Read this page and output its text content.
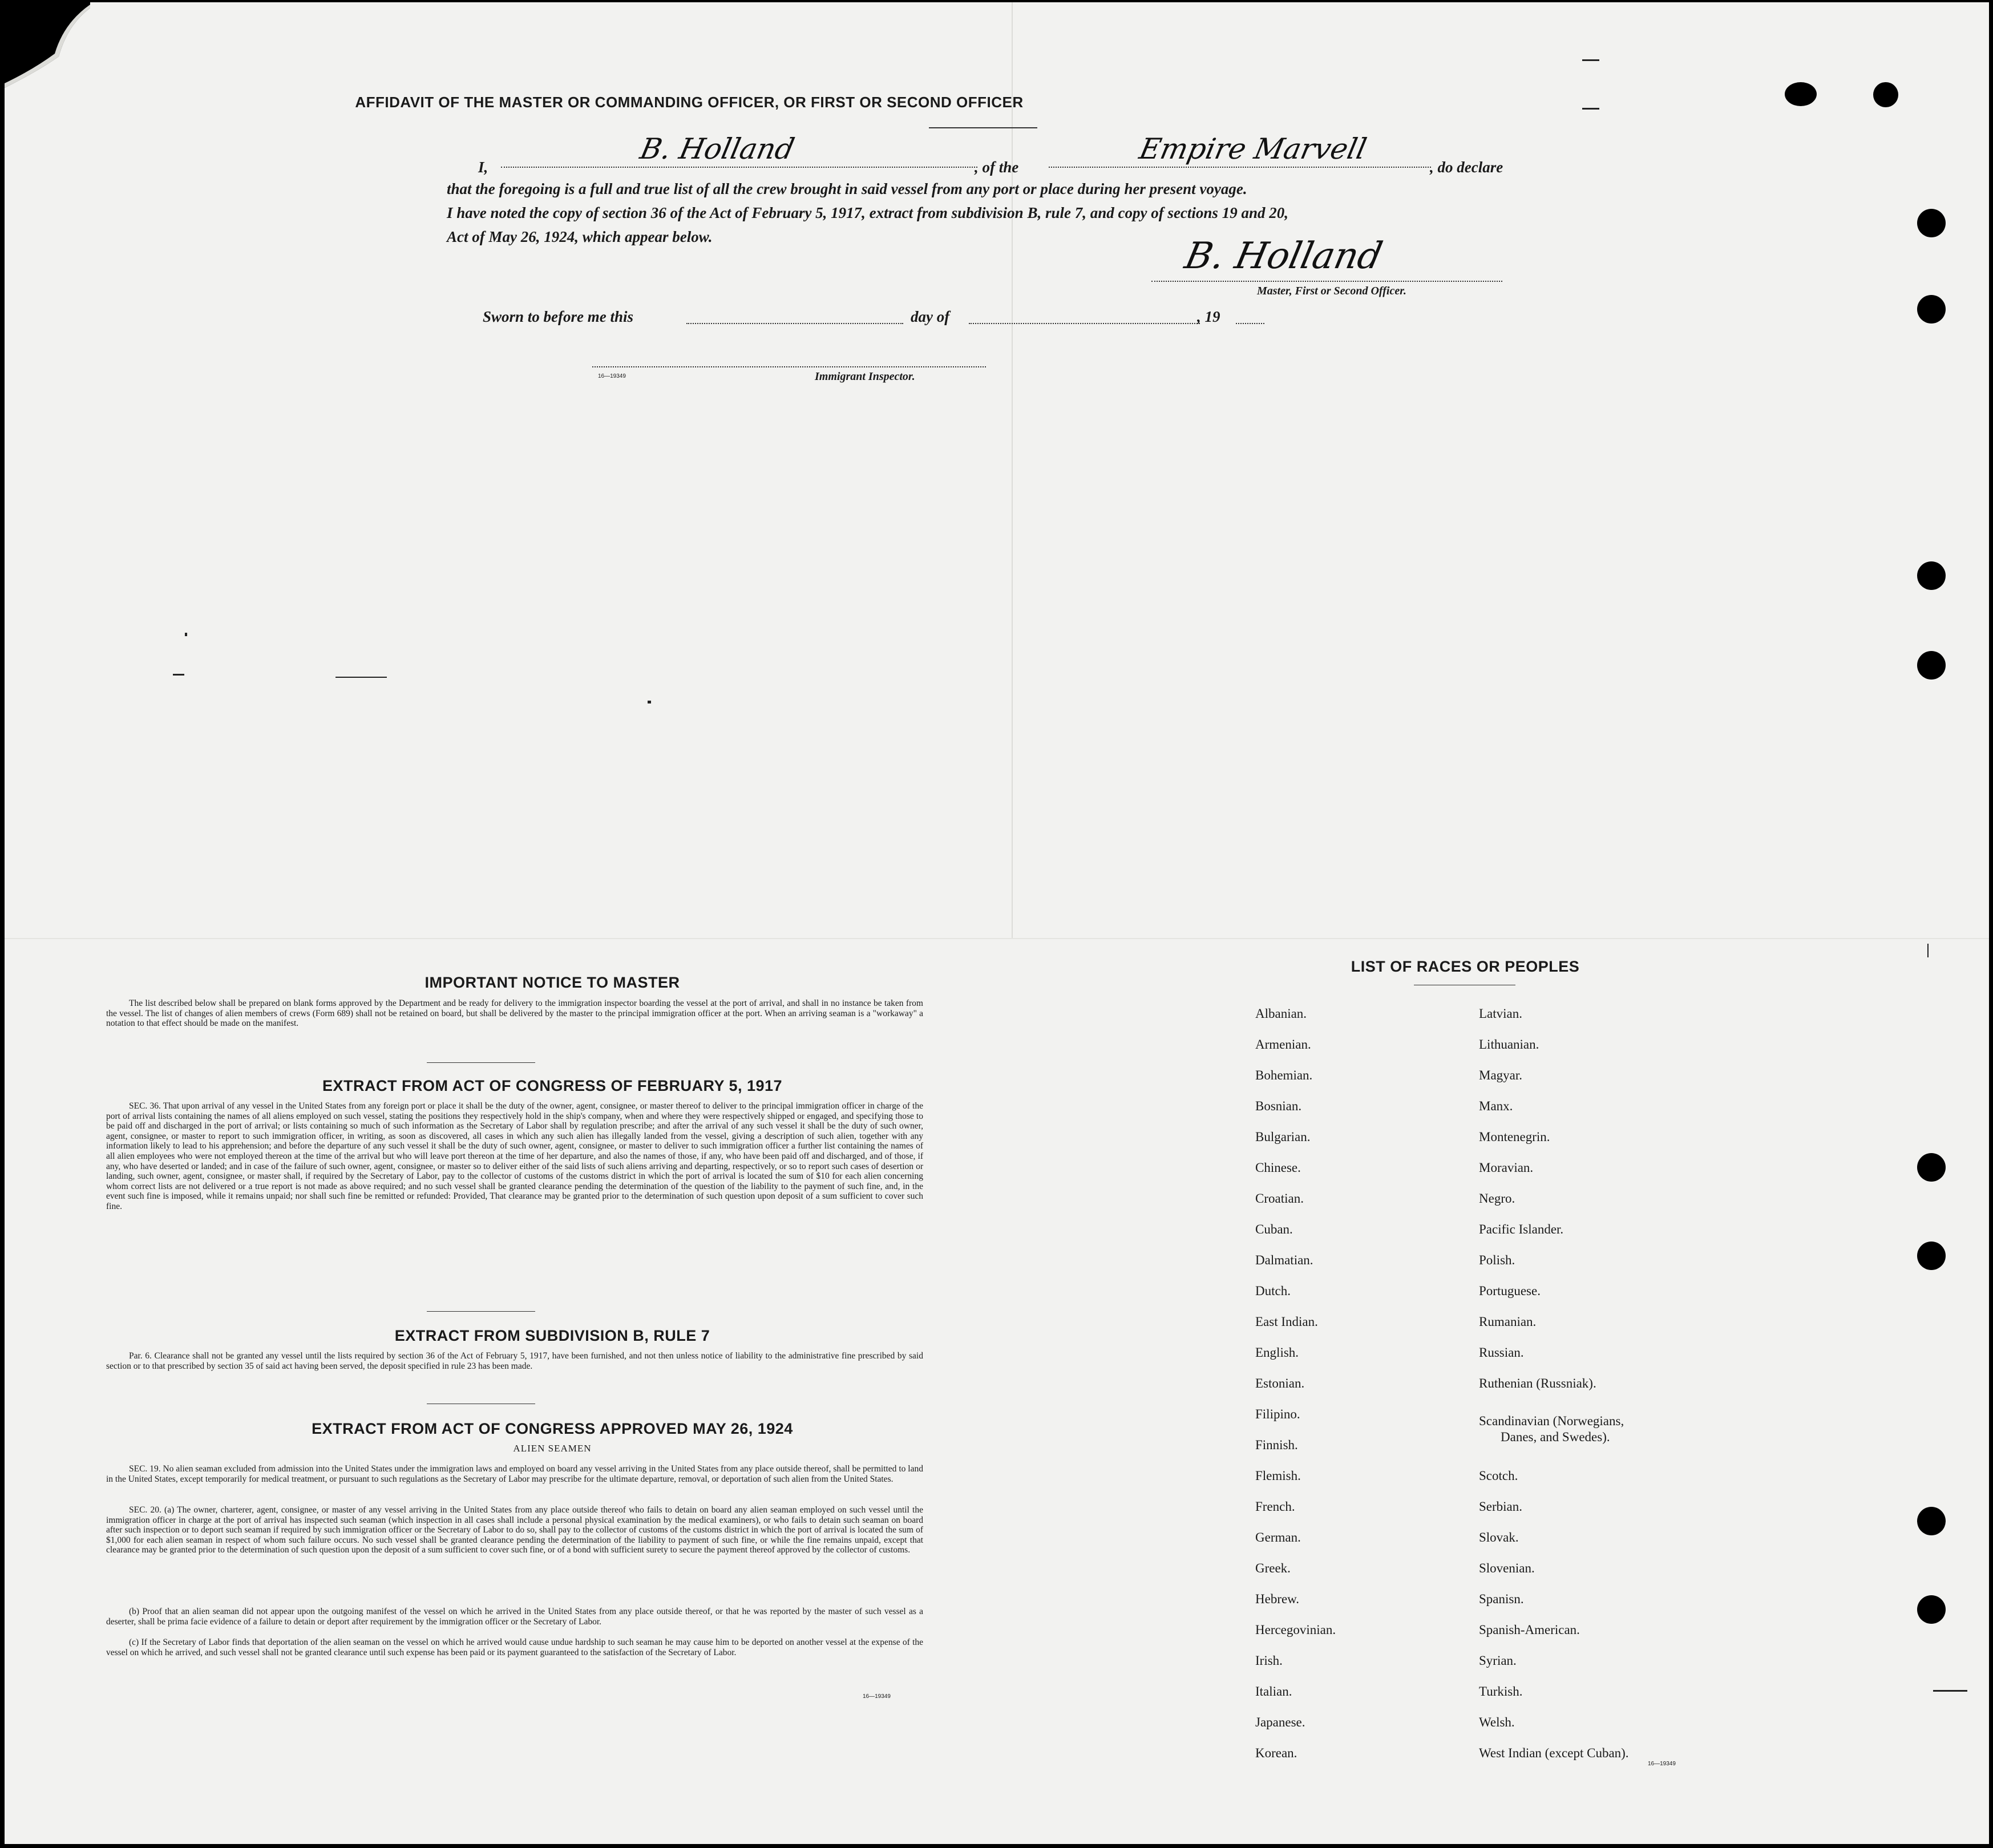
AFFIDAVIT OF THE MASTER OR COMMANDING OFFICER, OR FIRST OR SECOND OFFICER
I,
B. Holland
, of the
Empire Marvell
, do declare
that the foregoing is a full and true list of all the crew brought in said vessel from any port or place during her present voyage.
I have noted the copy of section 36 of the Act of February 5, 1917, extract from subdivision B, rule 7, and copy of sections 19 and 20,
Act of May 26, 1924, which appear below.	B. Holland
Master, First or Second Officer.
Sworn to before me this	day of	, 19
16—19349	Immigrant Inspector.
IMPORTANT NOTICE TO MASTER

The list described below shall be prepared on blank forms approved by the Department and be ready for delivery to the immigration inspector boarding the vessel at the port of arrival, and shall in no instance be taken from the vessel. The list of changes of alien members of crews (Form 689) shall not be retained on board, but shall be delivered by the master to the principal immigration officer at the port. When an arriving seaman is a "workaway" a notation to that effect should be made on the manifest.

EXTRACT FROM ACT OF CONGRESS OF FEBRUARY 5, 1917

SEC. 36. That upon arrival of any vessel in the United States from any foreign port or place it shall be the duty of the owner, agent, consignee, or master thereof to deliver to the principal immigration officer in charge of the port of arrival lists containing the names of all aliens employed on such vessel, stating the positions they respectively hold in the ship's company, when and where they were respectively shipped or engaged, and specifying those to be paid off and discharged in the port of arrival; or lists containing so much of such information as the Secretary of Labor shall by regulation prescribe; and after the arrival of any such vessel it shall be the duty of such owner, agent, consignee, or master to report to such immigration officer, in writing, as soon as discovered, all cases in which any such alien has illegally landed from the vessel, giving a description of such alien, together with any information likely to lead to his apprehension; and before the departure of any such vessel it shall be the duty of such owner, agent, consignee, or master to deliver to such immigration officer a further list containing the names of all alien employees who were not employed thereon at the time of the arrival but who will leave port thereon at the time of her departure, and also the names of those, if any, who have been paid off and discharged, and of those, if any, who have deserted or landed; and in case of the failure of such owner, agent, consignee, or master so to deliver either of the said lists of such aliens arriving and departing, respectively, or so to report such cases of desertion or landing, such owner, agent, consignee, or master shall, if required by the Secretary of Labor, pay to the collector of customs of the customs district in which the port of arrival is located the sum of $10 for each alien concerning whom correct lists are not delivered or a true report is not made as above required; and no such vessel shall be granted clearance pending the determination of the question of the liability to the payment of such fine, and, in the event such fine is imposed, while it remains unpaid; nor shall such fine be remitted or refunded: Provided, That clearance may be granted prior to the determination of such question upon deposit of a sum sufficient to cover such fine.

EXTRACT FROM SUBDIVISION B, RULE 7

Par. 6. Clearance shall not be granted any vessel until the lists required by section 36 of the Act of February 5, 1917, have been furnished, and not then unless notice of liability to the administrative fine prescribed by said section or to that prescribed by section 35 of said act having been served, the deposit specified in rule 23 has been made.

EXTRACT FROM ACT OF CONGRESS APPROVED MAY 26, 1924
ALIEN SEAMEN

SEC. 19. No alien seaman excluded from admission into the United States under the immigration laws and employed on board any vessel arriving in the United States from any place outside thereof, shall be permitted to land in the United States, except temporarily for medical treatment, or pursuant to such regulations as the Secretary of Labor may prescribe for the ultimate departure, removal, or deportation of such alien from the United States.

SEC. 20. (a) The owner, charterer, agent, consignee, or master of any vessel arriving in the United States from any place outside thereof who fails to detain on board any alien seaman employed on such vessel until the immigration officer in charge at the port of arrival has inspected such seaman (which inspection in all cases shall include a personal physical examination by the medical examiners), or who fails to detain such seaman on board after such inspection or to deport such seaman if required by such immigration officer or the Secretary of Labor to do so, shall pay to the collector of customs of the customs district in which the port of arrival is located the sum of $1,000 for each alien seaman in respect of whom such failure occurs. No such vessel shall be granted clearance pending the determination of the liability to payment of such fine, or while the fine remains unpaid, except that clearance may be granted prior to the determination of such question upon the deposit of a sum sufficient to cover such fine, or of a bond with sufficient surety to secure the payment thereof approved by the collector of customs.

(b) Proof that an alien seaman did not appear upon the outgoing manifest of the vessel on which he arrived in the United States from any place outside thereof, or that he was reported by the master of such vessel as a deserter, shall be prima facie evidence of a failure to detain or deport after requirement by the immigration officer or the Secretary of Labor.

(c) If the Secretary of Labor finds that deportation of the alien seaman on the vessel on which he arrived would cause undue hardship to such seaman he may cause him to be deported on another vessel at the expense of the vessel on which he arrived, and such vessel shall not be granted clearance until such expense has been paid or its payment guaranteed to the satisfaction of the Secretary of Labor.

16—19349
LIST OF RACES OR PEOPLES
Albanian.
Armenian.
Bohemian.
Bosnian.
Bulgarian.
Chinese.
Croatian.
Cuban.
Dalmatian.
Dutch.
East Indian.
English.
Estonian.
Filipino.
Finnish.
Flemish.
French.
German.
Greek.
Hebrew.
Hercegovinian.
Irish.
Italian.
Japanese.
Korean.
Latvian.
Lithuanian.
Magyar.
Manx.
Montenegrin.
Moravian.
Negro.
Pacific Islander.
Polish.
Portuguese.
Rumanian.
Russian.
Ruthenian (Russniak).
Scandinavian (Norwegians,
Danes, and Swedes).
Scotch.
Serbian.
Slovak.
Slovenian.
Spanisn.
Spanish-American.
Syrian.
Turkish.
Welsh.
West Indian (except Cuban).
16—19349
